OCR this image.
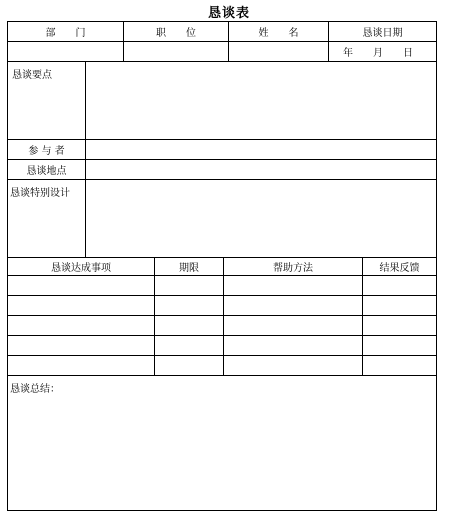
恳谈表
部　　门	职　　位	姓　　名	恳谈日期
年 月 日
恳谈要点
参 与 者
恳谈地点
恳谈特别设计
恳谈达成事项	期限	帮助方法	结果反馈
恳谈总结：
